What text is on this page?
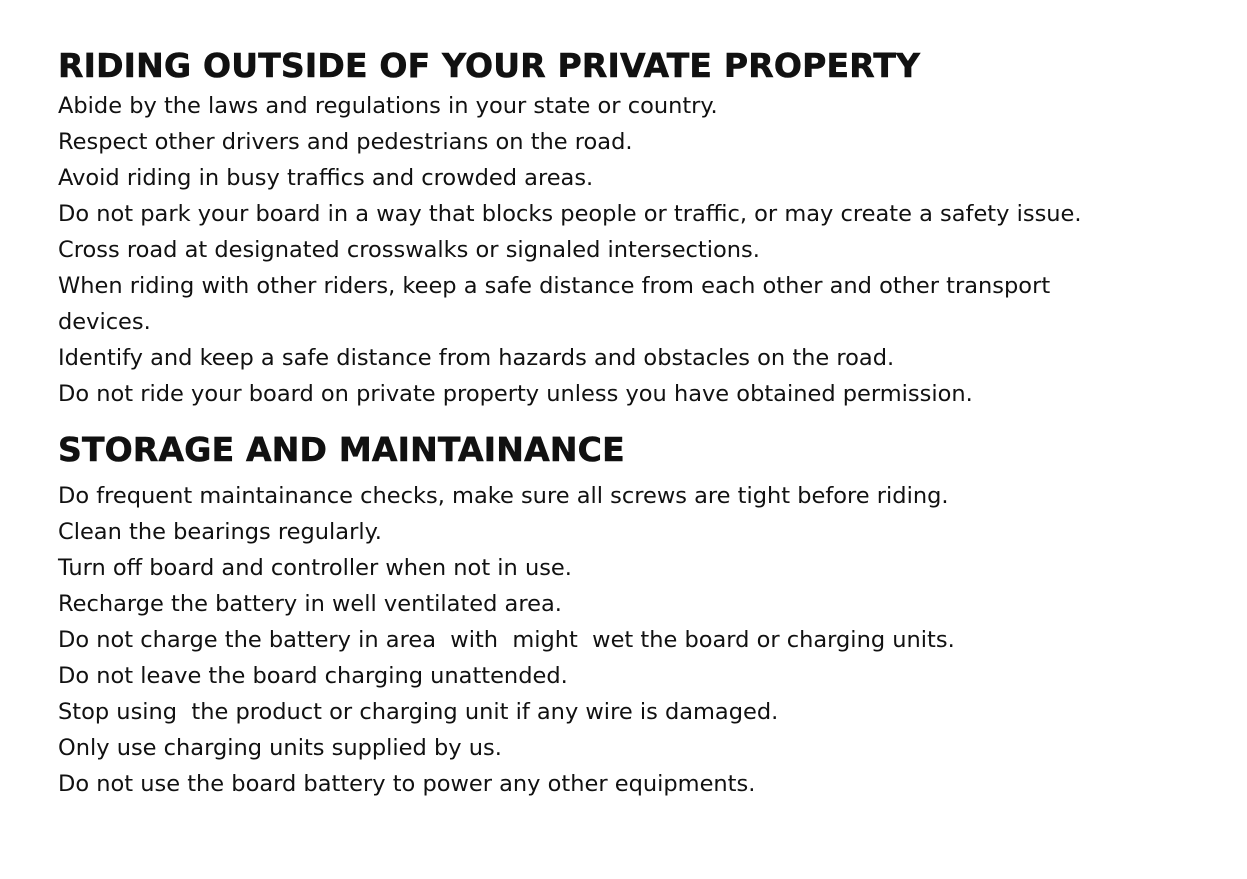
RIDING OUTSIDE OF YOUR PRIVATE PROPERTY
Abide by the laws and regulations in your state or country.
Respect other drivers and pedestrians on the road.
Avoid riding in busy traffics and crowded areas.
Do not park your board in a way that blocks people or traffic, or may create a safety issue.
Cross road at designated crosswalks or signaled intersections.
When riding with other riders, keep a safe distance from each other and other transport devices.
Identify and keep a safe distance from hazards and obstacles on the road.
Do not ride your board on private property unless you have obtained permission.
STORAGE AND MAINTAINANCE
Do frequent maintainance checks, make sure all screws are tight before riding.
Clean the bearings regularly.
Turn off board and controller when not in use.
Recharge the battery in well ventilated area.
Do not charge the battery in area  with  might  wet the board or charging units.
Do not leave the board charging unattended.
Stop using  the product or charging unit if any wire is damaged.
Only use charging units supplied by us.
Do not use the board battery to power any other equipments.
